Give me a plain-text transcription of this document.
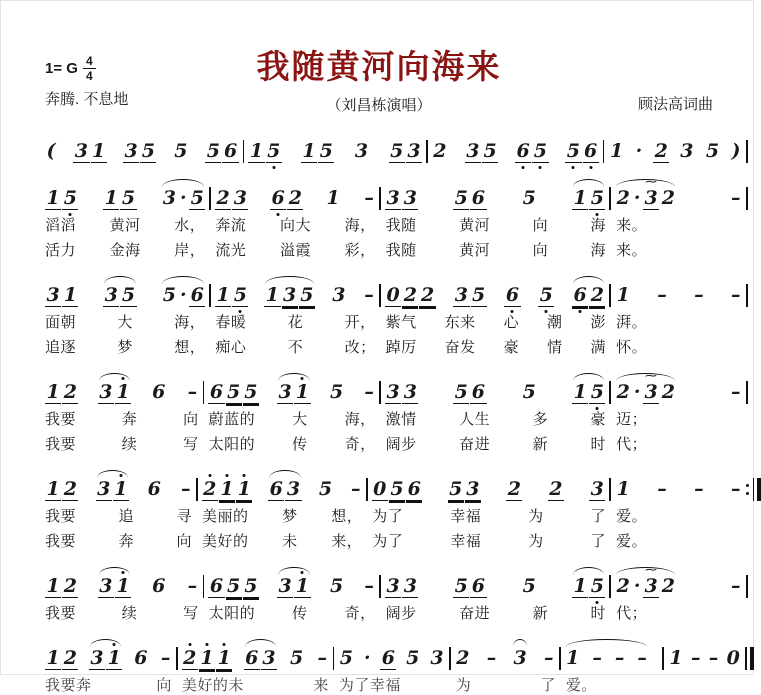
1= G $\frac{4}{4}$
奔腾. 不息地
我随黄河向海来
（刘昌栋演唱）	顾法高词曲
( 3 1 3 5 5 5 6 1 5 1 5 3 5 3 2 3 5 6 5 5 6 1 · 2 3 5 )
1 5 1 5 3 · 5 2 3 6 2 1 – 3 3 5 6 5 1 5 2 · 3
∼
2	–
滔滔 黄河 水， 奔流 向大 海， 我随	黄河	向	海 来。
活力 金海 岸， 流光 溢霞 彩， 我随	黄河	向	海 来。
3 1 3 5 5 · 6 1 5 1 3 5 3 – 0 2 2 3 5 6 5 6 2 1 – – –
面朝	大	海， 春暖	花	开， 紫气 东来 心 潮 澎 湃。
追逐	梦	想， 痴心	不	改； 踔厉 奋发 豪 情 满 怀。
1 2 3 1 6 – 6 5 5 3 1 5 – 3 3 5 6 5 1 5 2 · 3
∼
2	–
我要	奔	向 蔚蓝的 大 海， 激情	人生	多	豪 迈；
我要	续	写 太阳的 传 奇， 阔步	奋进	新	时 代；
1 2 3 1 6 – 2 1 1 6 3 5 – 0 5 6 5 3 2 2 3 1 – – –
我要	追	寻 美丽的 梦 想， 为了	幸福	为	了 爱。
我要	奔	向 美好的 未 来， 为了	幸福	为	了 爱。
1 2 3 1 6 – 6 5 5 3 1 5 – 3 3 5 6 5 1 5 2 · 3
∼
2	–
我要	续	写 太阳的 传 奇， 阔步	奋进	新	时 代；
1 2 3 1 6 – 2 1 1 6 3 5 – 5 · 6 5 3 2 – 3 – 1 – – – 1 – – 0
我要奔	向 美好的未	来 为了幸福	为	了 爱。
